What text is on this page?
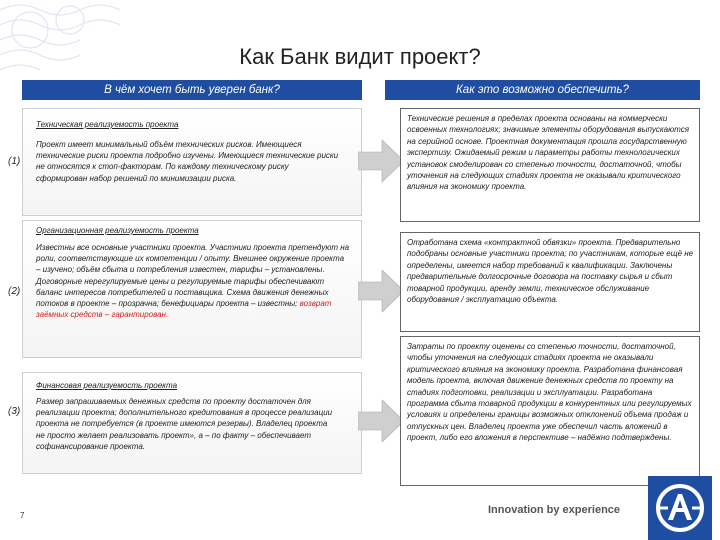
Как Банк видит проект?
В чём хочет быть уверен банк?	Как это возможно обеспечить?
Техническая реализуемость проекта
(1)
Проект имеет минимальный объём технических рисков. Имеющиеся технические риски проекта подробно изучены. Имеющиеся технические риски не относятся к стоп-факторам. По каждому техническому риску сформирован набор решений по минимизации риска.
Организационная реализуемость проекта
(2)
Известны все основные участники проекта. Участники проекта претендуют на роли, соответствующие их компетенции / опыту. Внешнее окружение проекта – изучено; объём сбыта и потребления известен, тарифы – установлены. Договорные нерегулируемые цены и регулируемые тарифы обеспечивают баланс интересов потребителей и поставщика. Схема движения денежных потоков в проекте – прозрачна; бенефициары проекта – известны; возврат заёмных средств – гарантирован.
Финансовая реализуемость проекта
(3)
Размер запрашиваемых денежных средств по проекту достаточен для реализации проекта; дополнительного кредитования в процессе реализации проекта не потребуется (в проекте имеются резервы). Владелец проекта не просто желает реализовать проект», а – по факту – обеспечивает софинансирование проекта.
Технические решения в пределах проекта основаны на коммерчески освоенных технологиях; значимые элементы оборудования выпускаются на серийной основе. Проектная документация прошла государственную экспертизу. Ожидаемый режим и параметры работы технологических установок смоделирован со степенью точности, достаточной, чтобы уточнения на следующих стадиях проекта не оказывали критического влияния на экономику проекта.
Отработана схема «контрактной обвязки» проекта. Предварительно подобраны основные участники проекта; по участникам, которые ещё не определены, имеется набор требований к квалификации. Заключены предварительные долгосрочные договора на поставку сырья и сбыт товарной продукции, аренду земли, техническое обслуживание оборудования / эксплуатацию объекта.
Затраты по проекту оценены со степенью точности, достаточной, чтобы уточнения на следующих стадиях проекта не оказывали критического влияния на экономику проекта. Разработана финансовая модель проекта, включая движение денежных средств по проекту на стадиях подготовки, реализации и эксплуатации. Разработана программа сбыта товарной продукции в конкурентных или регулируемых условиях и определены границы возможных отклонений объема продаж и отпускных цен. Владелец проекта уже обеспечил часть вложений в проект, либо его вложения в перспективе – надёжно подтверждены.
7	Innovation by experience
